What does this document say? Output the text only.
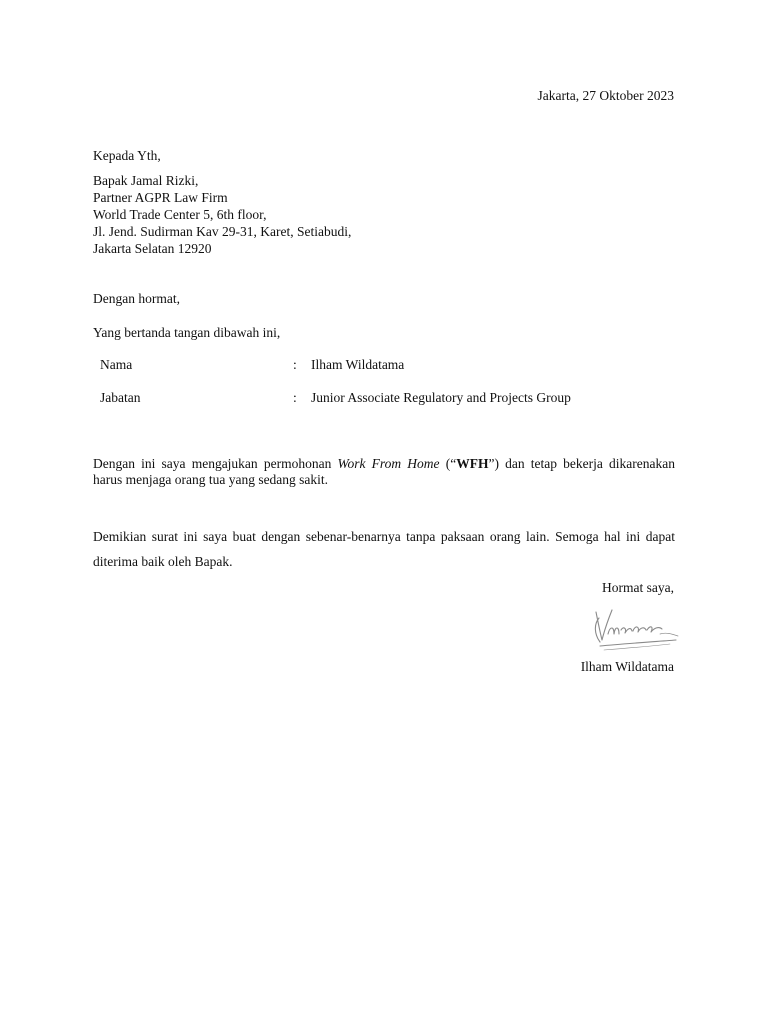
Jakarta, 27 Oktober 2023
Kepada Yth,
Bapak Jamal Rizki,
Partner AGPR Law Firm
World Trade Center 5, 6th floor,
Jl. Jend. Sudirman Kav 29-31, Karet, Setiabudi,
Jakarta Selatan 12920
Dengan hormat,
Yang bertanda tangan dibawah ini,
Nama	: Ilham Wildatama
Jabatan	: Junior Associate Regulatory and Projects Group
Dengan ini saya mengajukan permohonan Work From Home (“WFH”) dan tetap bekerja dikarenakan
harus menjaga orang tua yang sedang sakit.
Demikian surat ini saya buat dengan sebenar-benarnya tanpa paksaan orang lain. Semoga hal ini dapat
diterima baik oleh Bapak.
Hormat saya,
Ilham Wildatama
